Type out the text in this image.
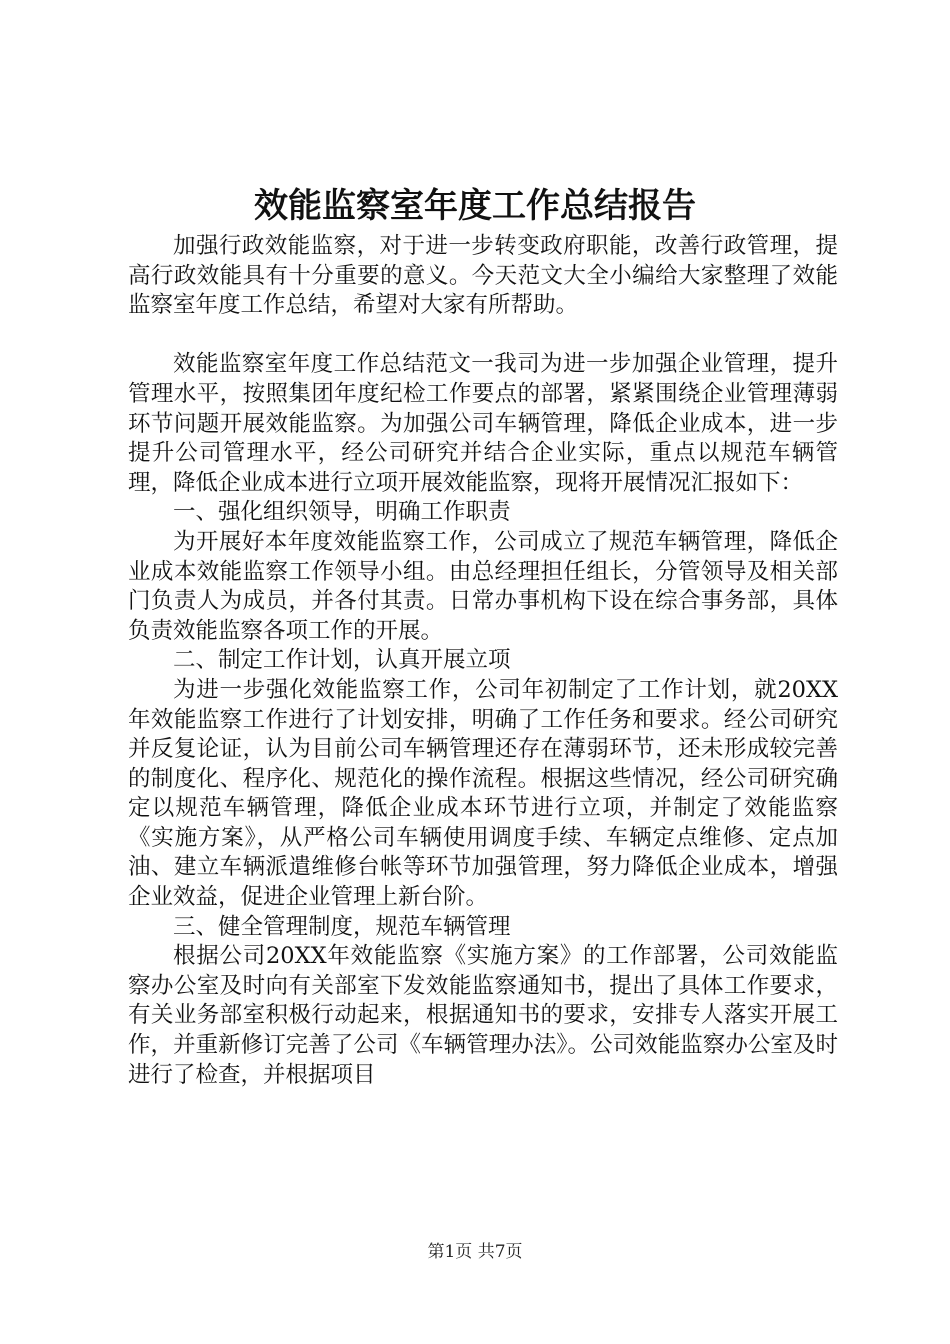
效能监察室年度工作总结报告

加强行政效能监察，对于进一步转变政府职能，改善行政管理，提高行政效能具有十分重要的意义。今天范文大全小编给大家整理了效能监察室年度工作总结，希望对大家有所帮助。

效能监察室年度工作总结范文一我司为进一步加强企业管理，提升管理水平，按照集团年度纪检工作要点的部署，紧紧围绕企业管理薄弱环节问题开展效能监察。为加强公司车辆管理，降低企业成本，进一步提升公司管理水平，经公司研究并结合企业实际，重点以规范车辆管理，降低企业成本进行立项开展效能监察，现将开展情况汇报如下：

一、强化组织领导，明确工作职责

为开展好本年度效能监察工作，公司成立了规范车辆管理，降低企业成本效能监察工作领导小组。由总经理担任组长，分管领导及相关部门负责人为成员，并各付其责。日常办事机构下设在综合事务部，具体负责效能监察各项工作的开展。

二、制定工作计划，认真开展立项

为进一步强化效能监察工作，公司年初制定了工作计划，就20XX年效能监察工作进行了计划安排，明确了工作任务和要求。经公司研究并反复论证，认为目前公司车辆管理还存在薄弱环节，还未形成较完善的制度化、程序化、规范化的操作流程。根据这些情况，经公司研究确定以规范车辆管理，降低企业成本环节进行立项，并制定了效能监察《实施方案》，从严格公司车辆使用调度手续、车辆定点维修、定点加油、建立车辆派遣维修台帐等环节加强管理，努力降低企业成本，增强企业效益，促进企业管理上新台阶。

三、健全管理制度，规范车辆管理

根据公司20XX年效能监察《实施方案》的工作部署，公司效能监察办公室及时向有关部室下发效能监察通知书，提出了具体工作要求，有关业务部室积极行动起来，根据通知书的要求，安排专人落实开展工作，并重新修订完善了公司《车辆管理办法》。公司效能监察办公室及时进行了检查，并根据项目

第1页 共7页
